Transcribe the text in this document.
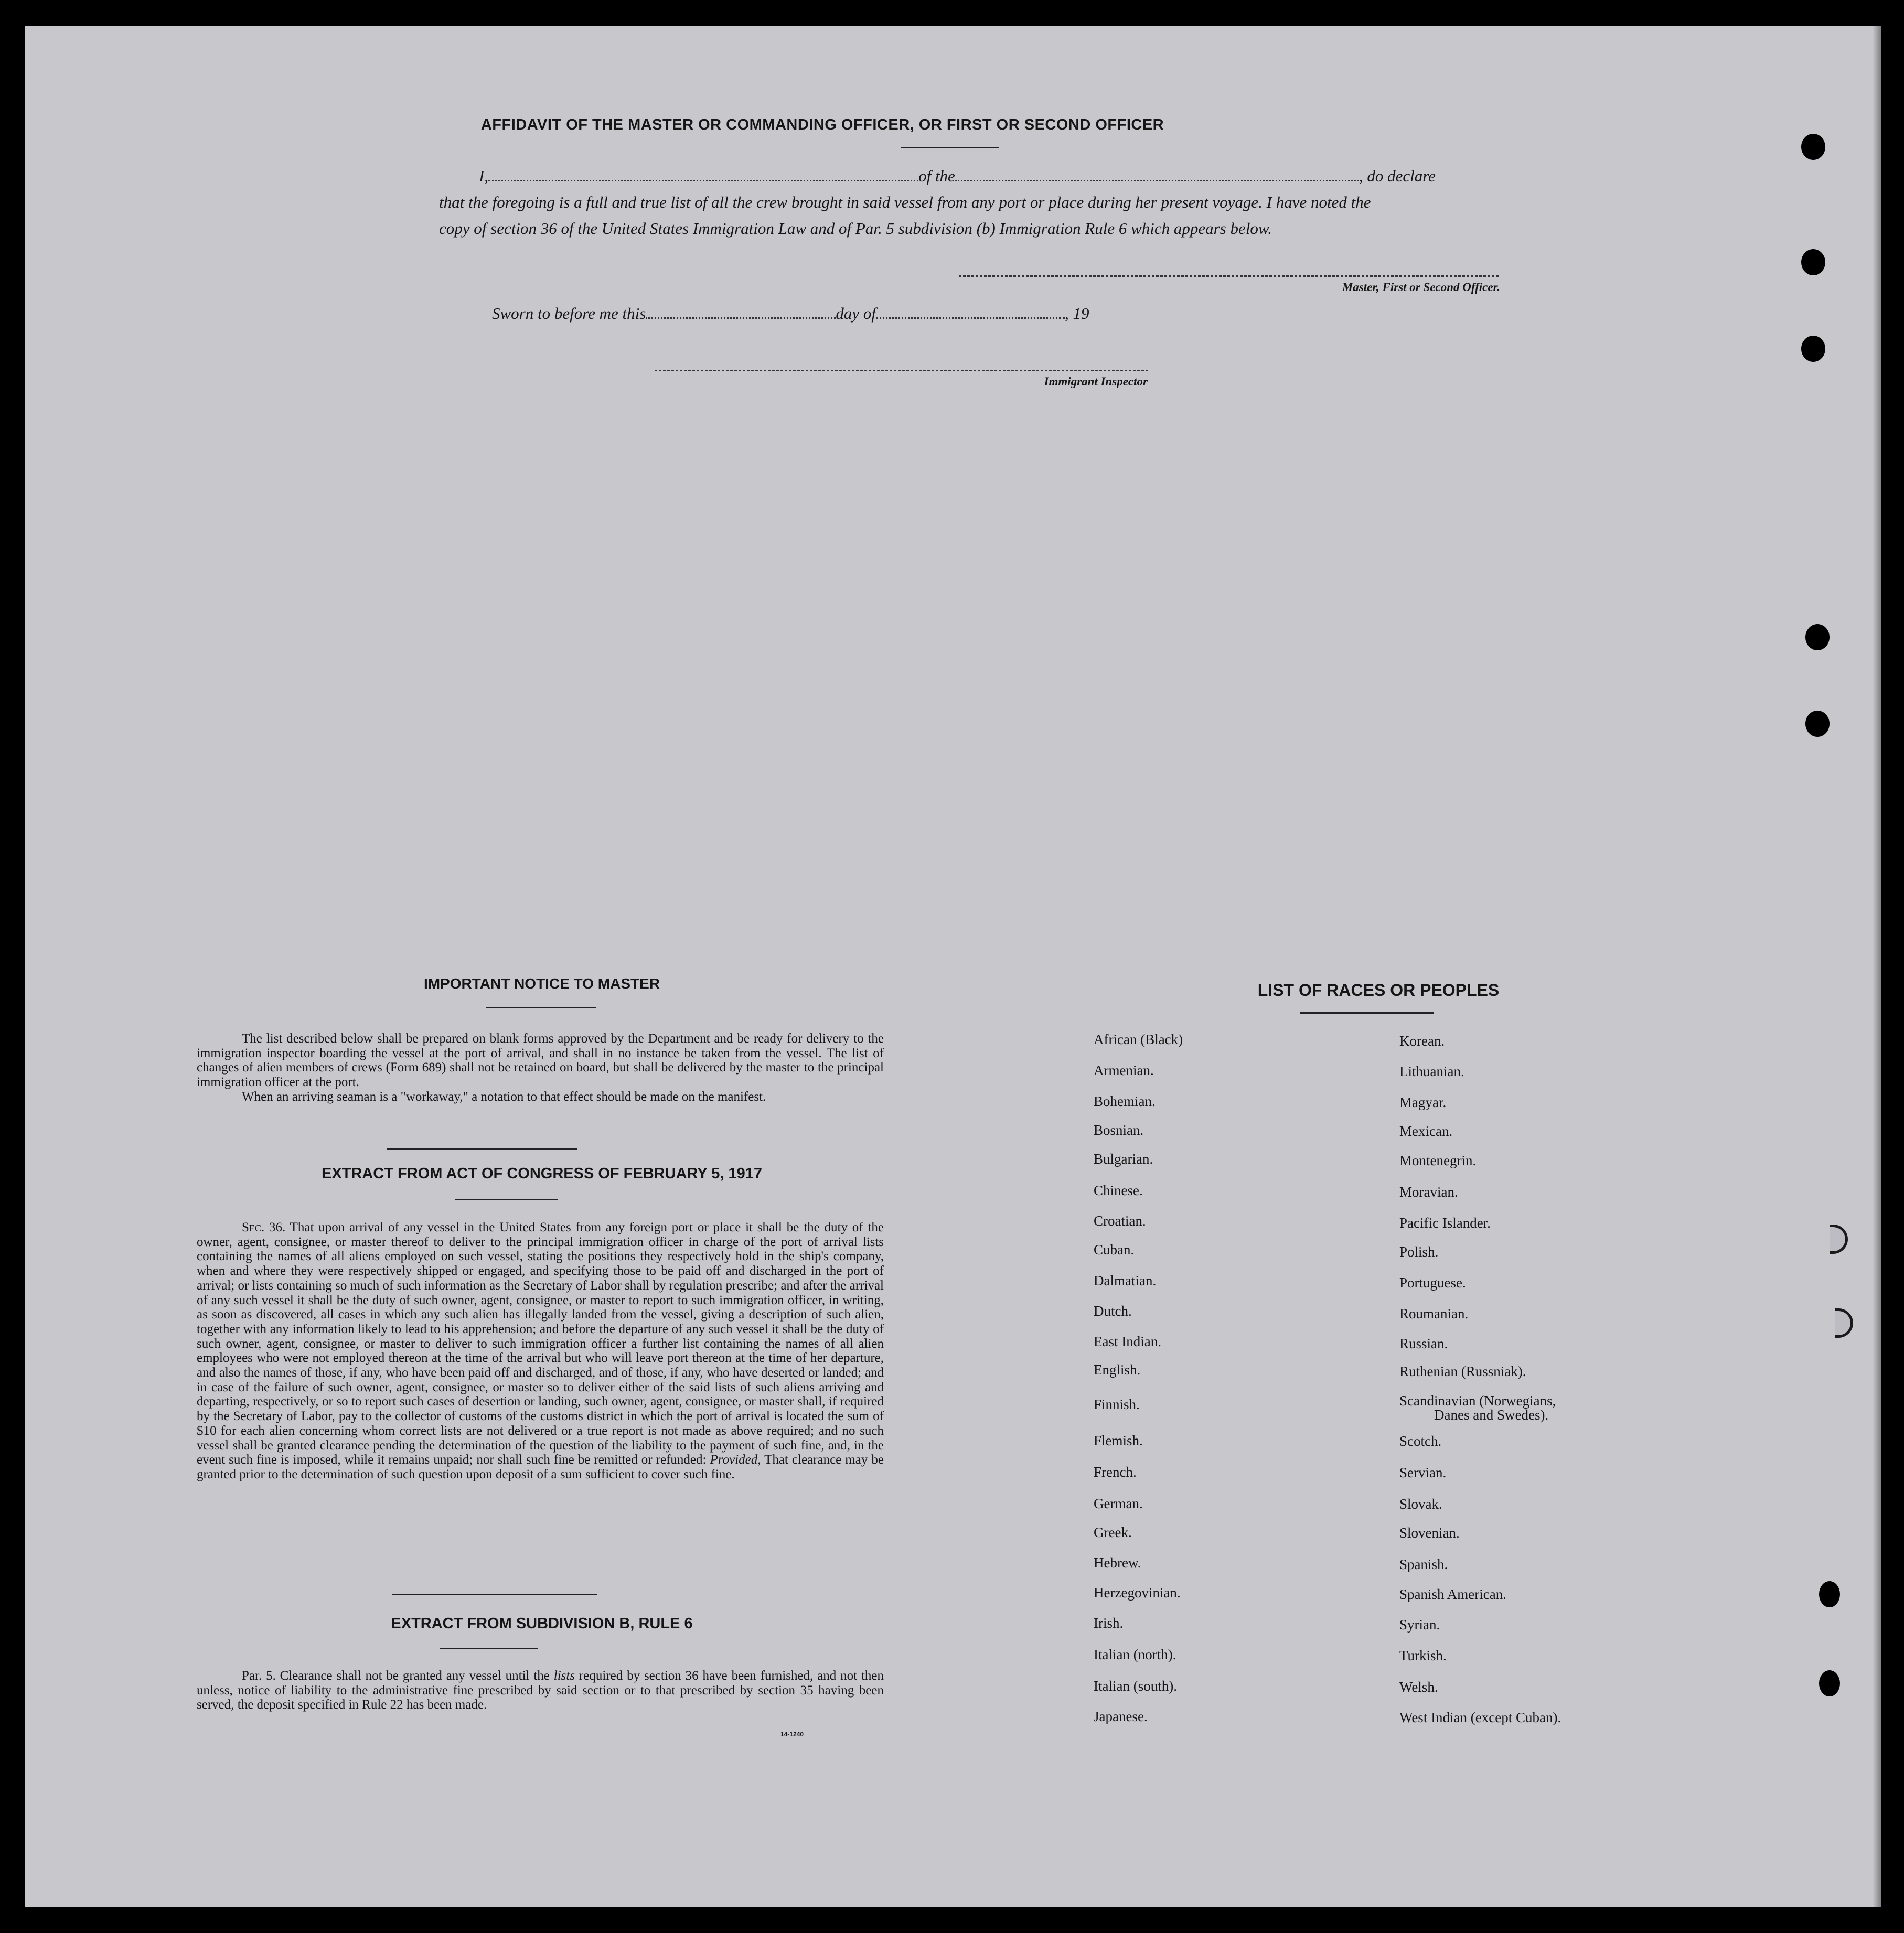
AFFIDAVIT OF THE MASTER OR COMMANDING OFFICER, OR FIRST OR SECOND OFFICER
I,	of the	, do declare
that the foregoing is a full and true list of all the crew brought in said vessel from any port or place during her present voyage. I have noted the
copy of section 36 of the United States Immigration Law and of Par. 5 subdivision (b) Immigration Rule 6 which appears below.
Master, First or Second Officer.
Sworn to before me this	day of	, 19
Immigrant Inspector
IMPORTANT NOTICE TO MASTER

The list described below shall be prepared on blank forms approved by the Department and be ready for delivery to the immigration inspector boarding the vessel at the port of arrival, and shall in no instance be taken from the vessel. The list of changes of alien members of crews (Form 689) shall not be retained on board, but shall be delivered by the master to the principal immigration officer at the port.

When an arriving seaman is a "workaway," a notation to that effect should be made on the manifest.

EXTRACT FROM ACT OF CONGRESS OF FEBRUARY 5, 1917

Sec. 36. That upon arrival of any vessel in the United States from any foreign port or place it shall be the duty of the owner, agent, consignee, or master thereof to deliver to the principal immigration officer in charge of the port of arrival lists containing the names of all aliens employed on such vessel, stating the positions they respectively hold in the ship's company, when and where they were respectively shipped or engaged, and specifying those to be paid off and discharged in the port of arrival; or lists containing so much of such information as the Secretary of Labor shall by regulation prescribe; and after the arrival of any such vessel it shall be the duty of such owner, agent, consignee, or master to report to such immigration officer, in writing, as soon as discovered, all cases in which any such alien has illegally landed from the vessel, giving a description of such alien, together with any information likely to lead to his apprehension; and before the departure of any such vessel it shall be the duty of such owner, agent, consignee, or master to deliver to such immigration officer a further list containing the names of all alien employees who were not employed thereon at the time of the arrival but who will leave port thereon at the time of her departure, and also the names of those, if any, who have been paid off and discharged, and of those, if any, who have deserted or landed; and in case of the failure of such owner, agent, consignee, or master so to deliver either of the said lists of such aliens arriving and departing, respectively, or so to report such cases of desertion or landing, such owner, agent, consignee, or master shall, if required by the Secretary of Labor, pay to the collector of customs of the customs district in which the port of arrival is located the sum of $10 for each alien concerning whom correct lists are not delivered or a true report is not made as above required; and no such vessel shall be granted clearance pending the determination of the question of the liability to the payment of such fine, and, in the event such fine is imposed, while it remains unpaid; nor shall such fine be remitted or refunded: Provided, That clearance may be granted prior to the determination of such question upon deposit of a sum sufficient to cover such fine.

EXTRACT FROM SUBDIVISION B, RULE 6

Par. 5. Clearance shall not be granted any vessel until the lists required by section 36 have been furnished, and not then unless, notice of liability to the administrative fine prescribed by said section or to that prescribed by section 35 having been served, the deposit specified in Rule 22 has been made.

14-1240
LIST OF RACES OR PEOPLES
African (Black)
Armenian.
Bohemian.
Bosnian.
Bulgarian.
Chinese.
Croatian.
Cuban.
Dalmatian.
Dutch.
East Indian.
English.
Finnish.
Flemish.
French.
German.
Greek.
Hebrew.
Herzegovinian.
Irish.
Italian (north).
Italian (south).
Japanese.
Korean.
Lithuanian.
Magyar.
Mexican.
Montenegrin.
Moravian.
Pacific Islander.
Polish.
Portuguese.
Roumanian.
Russian.
Ruthenian (Russniak).
Scandinavian (Norwegians,
Scotch.
Servian.
Slovak.
Slovenian.
Spanish.
Spanish American.
Syrian.
Turkish.
Welsh.
West Indian (except Cuban).
Danes and Swedes).
